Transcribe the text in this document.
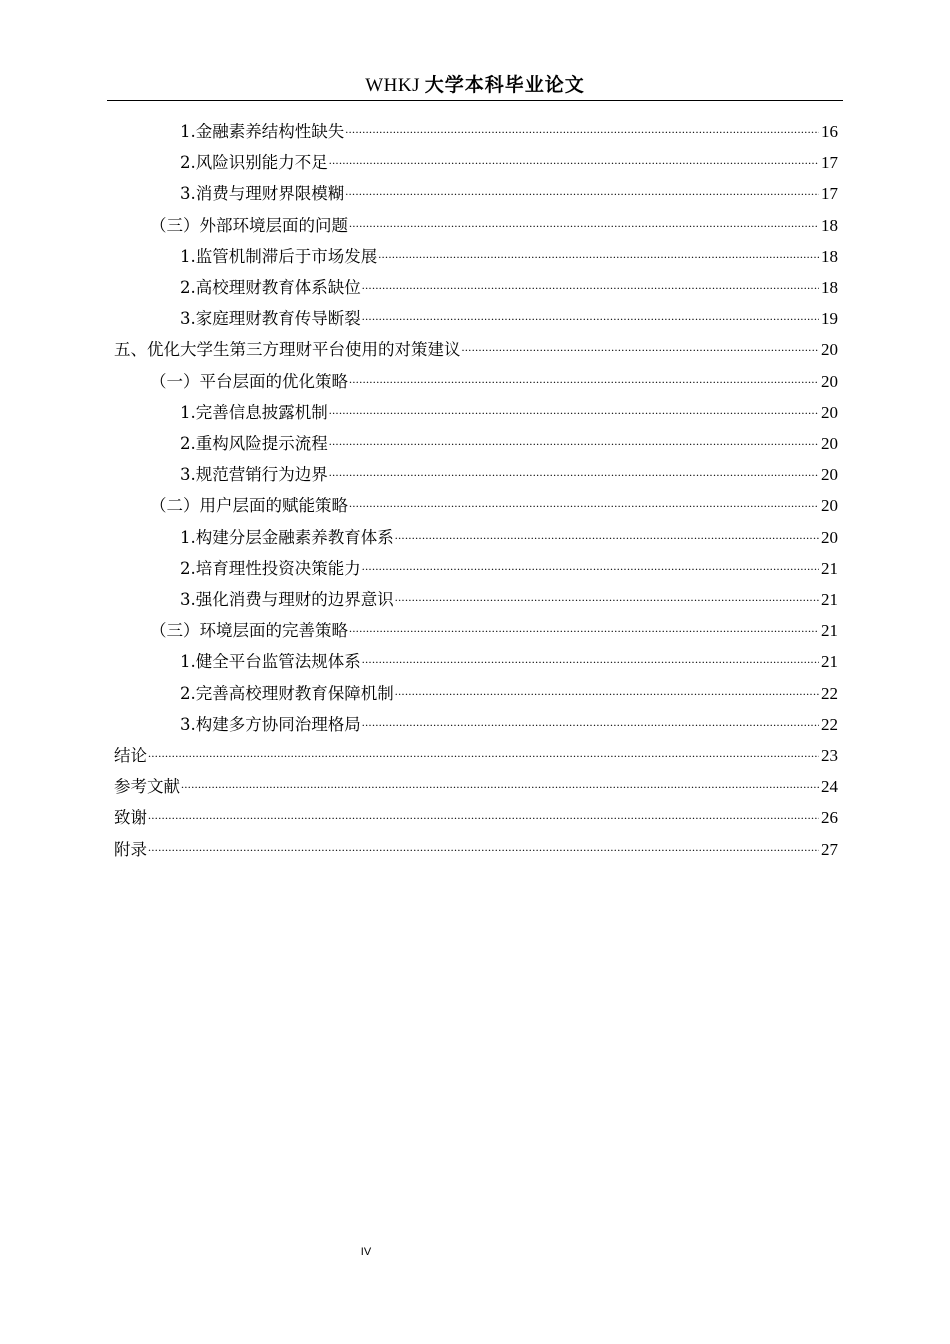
WHKJ 大学本科毕业论文
1.金融素养结构性缺失 .....	16
2.风险识别能力不足 .....	17
3.消费与理财界限模糊 .....	17
（三）外部环境层面的问题 .....	18
1.监管机制滞后于市场发展 .....	18
2.高校理财教育体系缺位 .....	18
3.家庭理财教育传导断裂 .....	19
五、优化大学生第三方理财平台使用的对策建议 .....	20
（一）平台层面的优化策略 .....	20
1.完善信息披露机制 .....	20
2.重构风险提示流程 .....	20
3.规范营销行为边界 .....	20
（二）用户层面的赋能策略 .....	20
1.构建分层金融素养教育体系 .....	20
2.培育理性投资决策能力 .....	21
3.强化消费与理财的边界意识 .....	21
（三）环境层面的完善策略 .....	21
1.健全平台监管法规体系 .....	21
2.完善高校理财教育保障机制 .....	22
3.构建多方协同治理格局 .....	22
结论 .....	23
参考文献 .....	24
致谢 .....	26
附录 .....	27
IV
